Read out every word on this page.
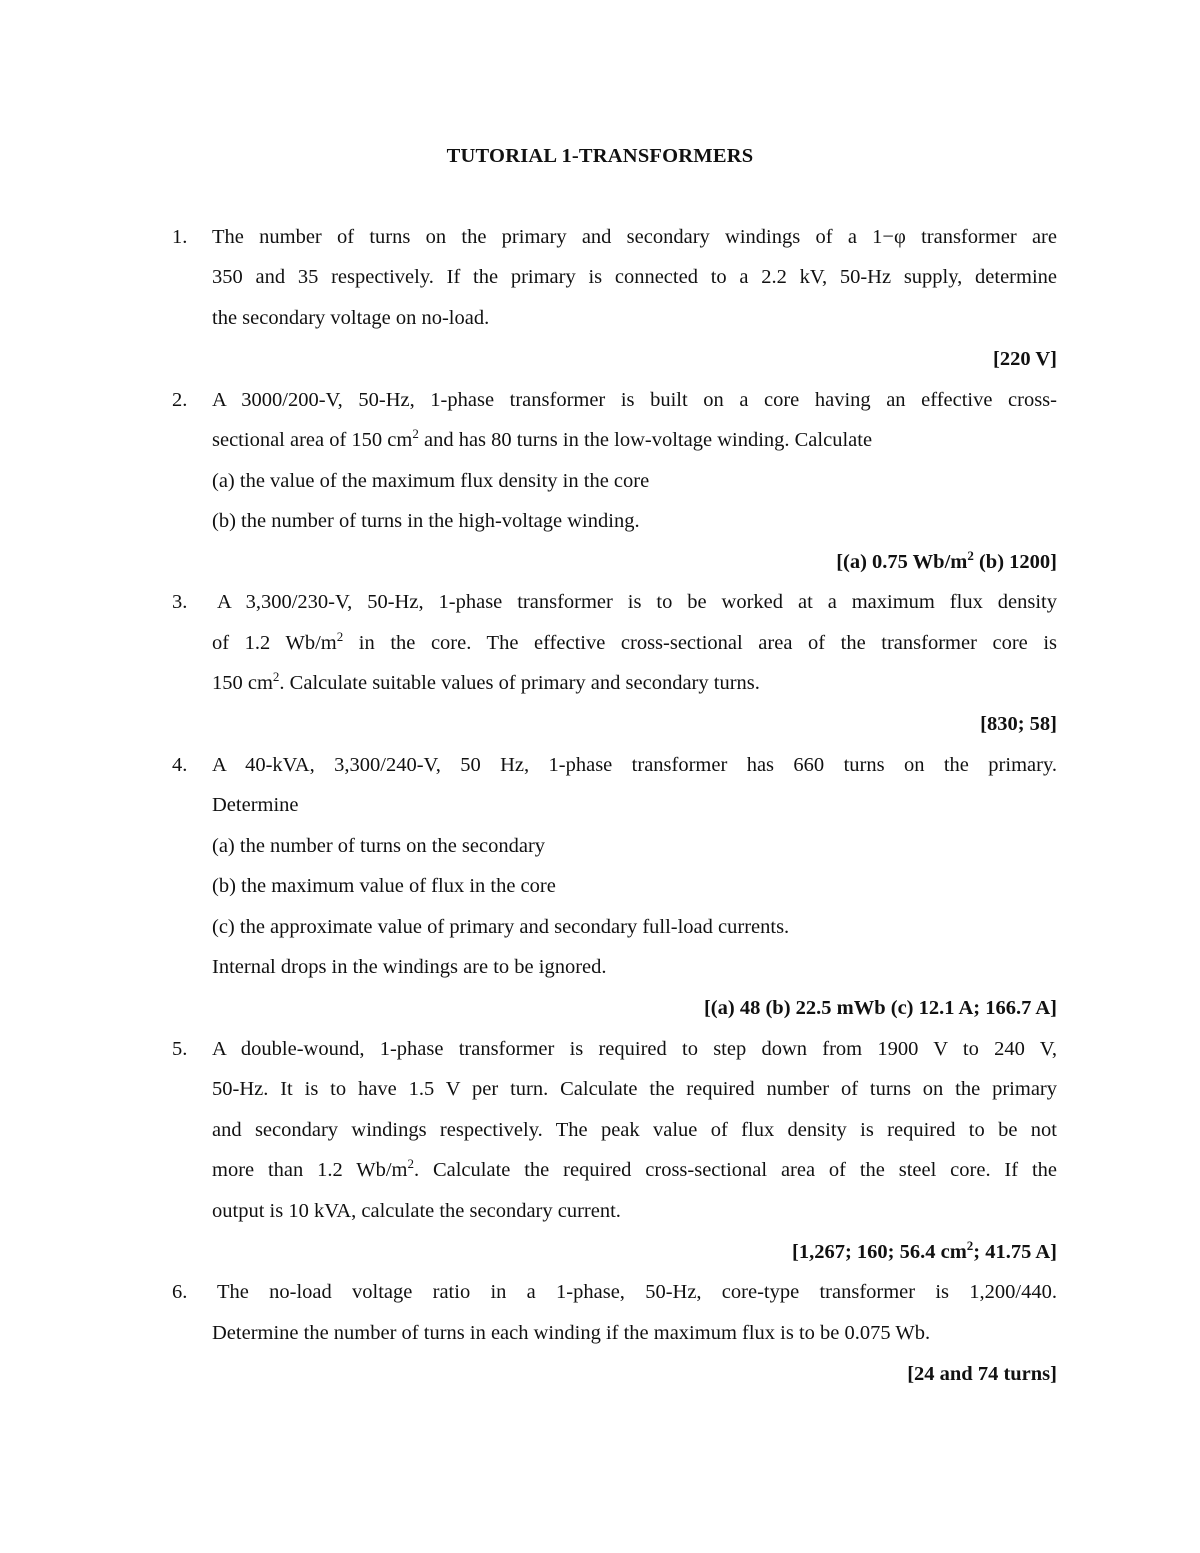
TUTORIAL 1-TRANSFORMERS
1.	The number of turns on the primary and secondary windings of a 1−φ transformer are
350 and 35 respectively. If the primary is connected to a 2.2 kV, 50-Hz supply, determine
the secondary voltage on no-load.
[220 V]
2.	A 3000/200-V, 50-Hz, 1-phase transformer is built on a core having an effective cross-
sectional area of 150 $cm^2$ and has 80 turns in the low-voltage winding. Calculate
(a) the value of the maximum flux density in the core
(b) the number of turns in the high-voltage winding.
[(a) 0.75 $Wb/m^2$ (b) 1200]
3.	A 3,300/230-V, 50-Hz, 1-phase transformer is to be worked at a maximum flux density
of 1.2 $Wb/m^2$ in the core. The effective cross-sectional area of the transformer core is
150 $cm^2$. Calculate suitable values of primary and secondary turns.
[830; 58]
4.	A 40-kVA, 3,300/240-V, 50 Hz, 1-phase transformer has 660 turns on the primary.
Determine
(a) the number of turns on the secondary
(b) the maximum value of flux in the core
(c) the approximate value of primary and secondary full-load currents.
Internal drops in the windings are to be ignored.
[(a) 48 (b) 22.5 mWb (c) 12.1 A; 166.7 A]
5.	A double-wound, 1-phase transformer is required to step down from 1900 V to 240 V,
50-Hz. It is to have 1.5 V per turn. Calculate the required number of turns on the primary
and secondary windings respectively. The peak value of flux density is required to be not
more than 1.2 $Wb/m^2$. Calculate the required cross-sectional area of the steel core. If the
output is 10 kVA, calculate the secondary current.
[1,267; 160; 56.4 $cm^2$; 41.75 A]
6.	The no-load voltage ratio in a 1-phase, 50-Hz, core-type transformer is 1,200/440.
Determine the number of turns in each winding if the maximum flux is to be 0.075 Wb.
[24 and 74 turns]
